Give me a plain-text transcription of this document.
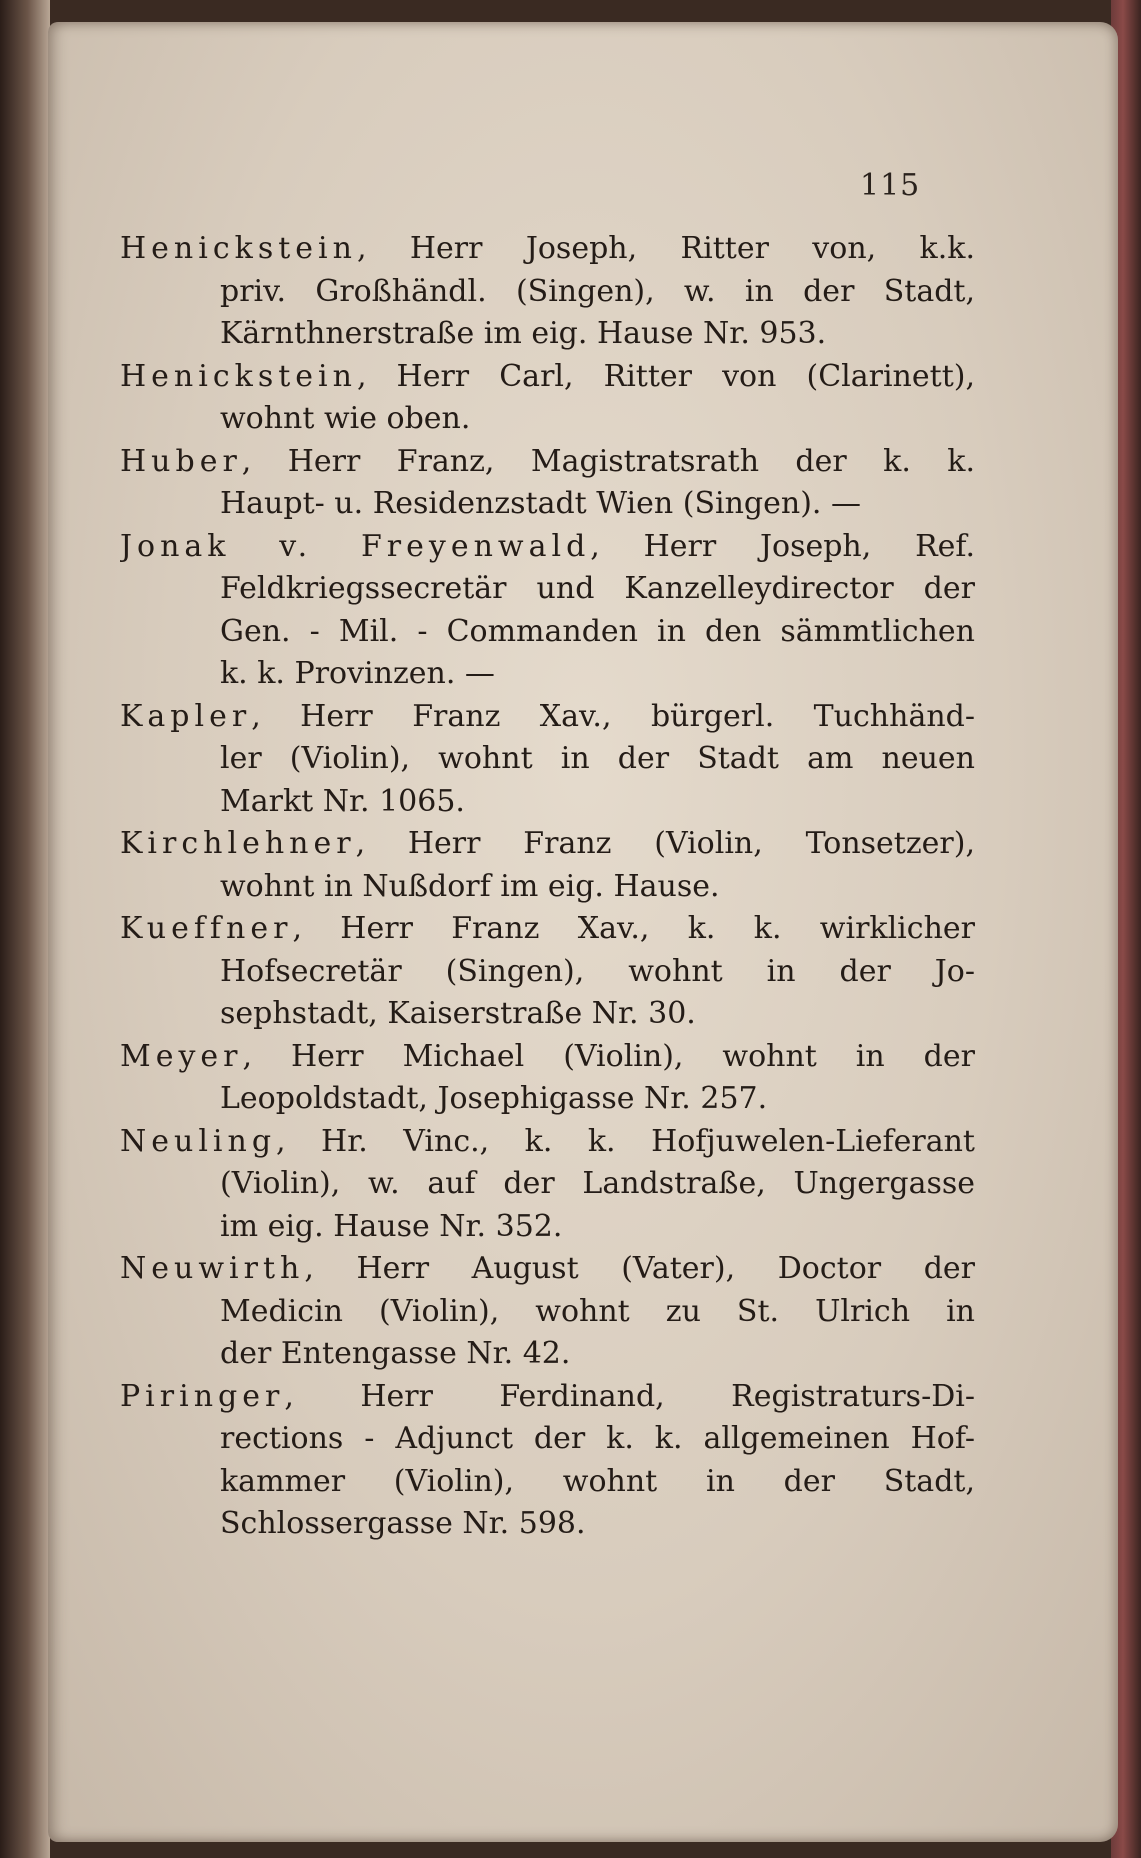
115
Henickstein, Herr Joseph, Ritter von, k.k.
priv. Großhändl. (Singen), w. in der Stadt,
Kärnthnerstraße im eig. Hause Nr. 953.
Henickstein, Herr Carl, Ritter von (Clarinett),
wohnt wie oben.
Huber, Herr Franz, Magistratsrath der k. k.
Haupt- u. Residenzstadt Wien (Singen). —
Jonak v. Freyenwald, Herr Joseph, Ref.
Feldkriegssecretär und Kanzelleydirector der
Gen. - Mil. - Commanden in den sämmtlichen
k. k. Provinzen. —
Kapler, Herr Franz Xav., bürgerl. Tuchhänd-
ler (Violin), wohnt in der Stadt am neuen
Markt Nr. 1065.
Kirchlehner, Herr Franz (Violin, Tonsetzer),
wohnt in Nußdorf im eig. Hause.
Kueffner, Herr Franz Xav., k. k. wirklicher
Hofsecretär (Singen), wohnt in der Jo-
sephstadt, Kaiserstraße Nr. 30.
Meyer, Herr Michael (Violin), wohnt in der
Leopoldstadt, Josephigasse Nr. 257.
Neuling, Hr. Vinc., k. k. Hofjuwelen-Lieferant
(Violin), w. auf der Landstraße, Ungergasse
im eig. Hause Nr. 352.
Neuwirth, Herr August (Vater), Doctor der
Medicin (Violin), wohnt zu St. Ulrich in
der Entengasse Nr. 42.
Piringer, Herr Ferdinand, Registraturs-Di-
rections - Adjunct der k. k. allgemeinen Hof-
kammer (Violin), wohnt in der Stadt,
Schlossergasse Nr. 598.
